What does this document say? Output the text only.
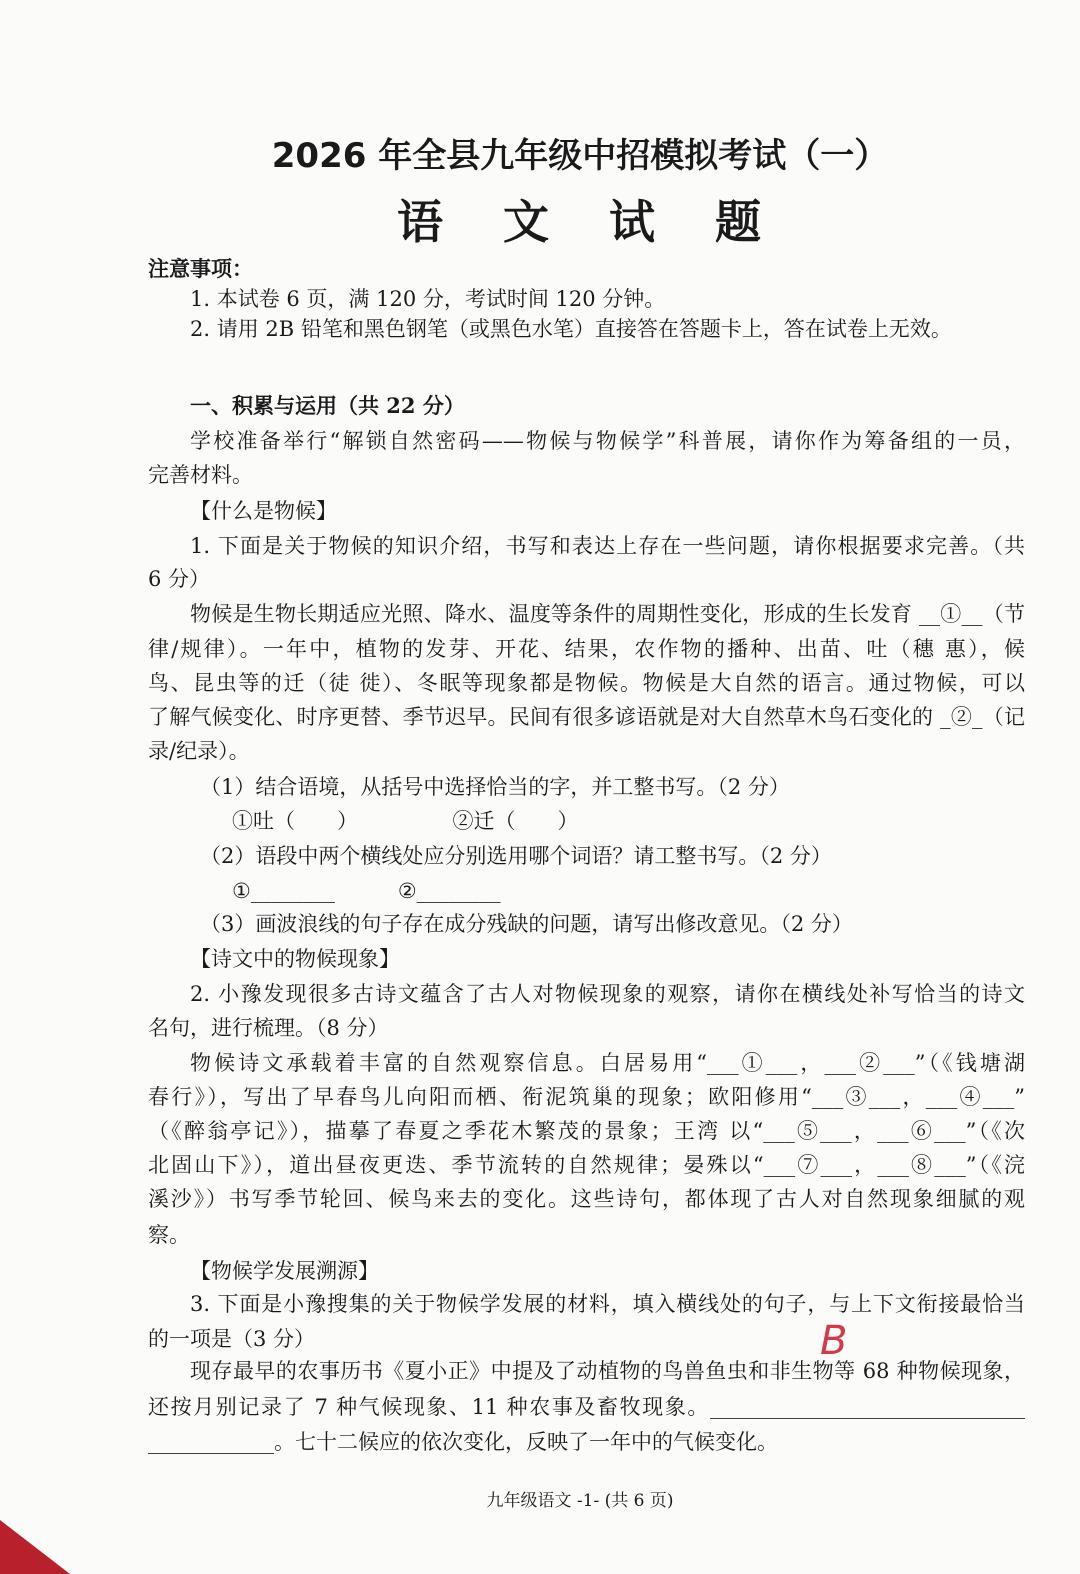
2026 年全县九年级中招模拟考试（一）
语 文 试 题
注意事项：
1. 本试卷 6 页，满 120 分，考试时间 120 分钟。
2. 请用 2B 铅笔和黑色钢笔（或黑色水笔）直接答在答题卡上，答在试卷上无效。
一、积累与运用（共 22 分）
学校准备举行“解锁自然密码——物候与物候学”科普展，请你作为筹备组的一员，
完善材料。
【什么是物候】
1. 下面是关于物候的知识介绍，书写和表达上存在一些问题，请你根据要求完善。（共
6 分）
物候是生物长期适应光照、降水、温度等条件的周期性变化，形成的生长发育 __①__（节
律/规律）。一年中，植物的发芽、开花、结果，农作物的播种、出苗、吐（穗 惠），候
鸟、昆虫等的迁（徒 徙）、冬眠等现象都是物候。物候是大自然的语言。通过物候，可以
了解气候变化、时序更替、季节迟早。民间有很多谚语就是对大自然草木鸟石变化的 _②_（记
录/纪录）。
（1）结合语境，从括号中选择恰当的字，并工整书写。（2 分）
①吐（　　）　　　　　②迁（　　）
（2）语段中两个横线处应分别选用哪个词语？请工整书写。（2 分）
①________　　　②________
（3）画波浪线的句子存在成分残缺的问题，请写出修改意见。（2 分）
【诗文中的物候现象】
2. 小豫发现很多古诗文蕴含了古人对物候现象的观察，请你在横线处补写恰当的诗文
名句，进行梳理。（8 分）
物候诗文承载着丰富的自然观察信息。白居易用“___①___，___②___”（《钱塘湖
春行》），写出了早春鸟儿向阳而栖、衔泥筑巢的现象；欧阳修用“___③___，___④___”
（《醉翁亭记》），描摹了春夏之季花木繁茂的景象；王湾 以“___⑤___，___⑥___”（《次
北固山下》），道出昼夜更迭、季节流转的自然规律；晏殊以“___⑦___，___⑧___”（《浣
溪沙》）书写季节轮回、候鸟来去的变化。这些诗句，都体现了古人对自然现象细腻的观
察。
【物候学发展溯源】
3. 下面是小豫搜集的关于物候学发展的材料，填入横线处的句子，与上下文衔接最恰当
的一项是（3 分）
现存最早的农事历书《夏小正》中提及了动植物的鸟兽鱼虫和非生物等 68 种物候现象，
还按月别记录了 7 种气候现象、11 种农事及畜牧现象。______________________________
____________。七十二候应的依次变化，反映了一年中的气候变化。
B
九年级语文 -1- (共 6 页)
